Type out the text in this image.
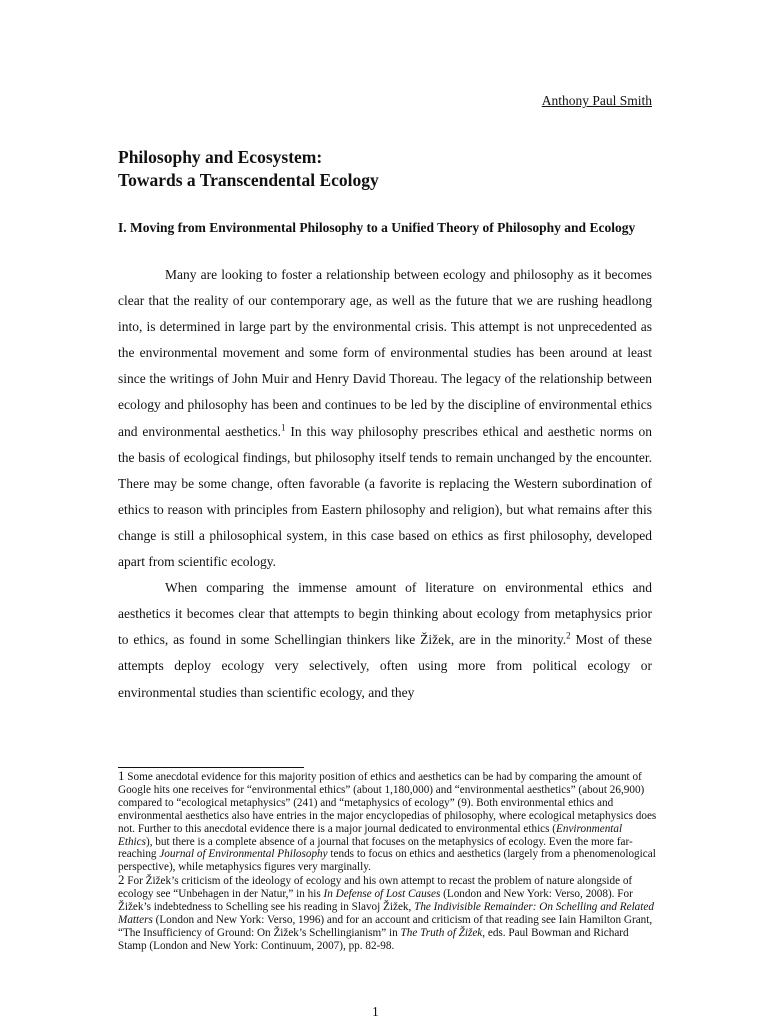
Anthony Paul Smith
Philosophy and Ecosystem:
Towards a Transcendental Ecology
I. Moving from Environmental Philosophy to a Unified Theory of Philosophy and Ecology

Many are looking to foster a relationship between ecology and philosophy as it becomes clear that the reality of our contemporary age, as well as the future that we are rushing headlong into, is determined in large part by the environmental crisis. This attempt is not unprecedented as the environmental movement and some form of environmental studies has been around at least since the writings of John Muir and Henry David Thoreau. The legacy of the relationship between ecology and philosophy has been and continues to be led by the discipline of environmental ethics and environmental aesthetics.$^1$ In this way philosophy prescribes ethical and aesthetic norms on the basis of ecological findings, but philosophy itself tends to remain unchanged by the encounter. There may be some change, often favorable (a favorite is replacing the Western subordination of ethics to reason with principles from Eastern philosophy and religion), but what remains after this change is still a philosophical system, in this case based on ethics as first philosophy, developed apart from scientific ecology.

When comparing the immense amount of literature on environmental ethics and aesthetics it becomes clear that attempts to begin thinking about ecology from metaphysics prior to ethics, as found in some Schellingian thinkers like Žižek, are in the minority.$^2$ Most of these attempts deploy ecology very selectively, often using more from political ecology or environmental studies than scientific ecology, and they

1 Some anecdotal evidence for this majority position of ethics and aesthetics can be had by comparing the amount of Google hits one receives for “environmental ethics” (about 1,180,000) and “environmental aesthetics” (about 26,900) compared to “ecological metaphysics” (241) and “metaphysics of ecology” (9). Both environmental ethics and environmental aesthetics also have entries in the major encyclopedias of philosophy, where ecological metaphysics does not. Further to this anecdotal evidence there is a major journal dedicated to environmental ethics (Environmental Ethics), but there is a complete absence of a journal that focuses on the metaphysics of ecology. Even the more far-reaching Journal of Environmental Philosophy tends to focus on ethics and aesthetics (largely from a phenomenological perspective), while metaphysics figures very marginally.

2 For Žižek’s criticism of the ideology of ecology and his own attempt to recast the problem of nature alongside of ecology see “Unbehagen in der Natur,” in his In Defense of Lost Causes (London and New York: Verso, 2008). For Žižek’s indebtedness to Schelling see his reading in Slavoj Žižek, The Indivisible Remainder: On Schelling and Related Matters (London and New York: Verso, 1996) and for an account and criticism of that reading see Iain Hamilton Grant, “The Insufficiency of Ground: On Žižek’s Schellingianism” in The Truth of Žižek, eds. Paul Bowman and Richard Stamp (London and New York: Continuum, 2007), pp. 82-98.

1
